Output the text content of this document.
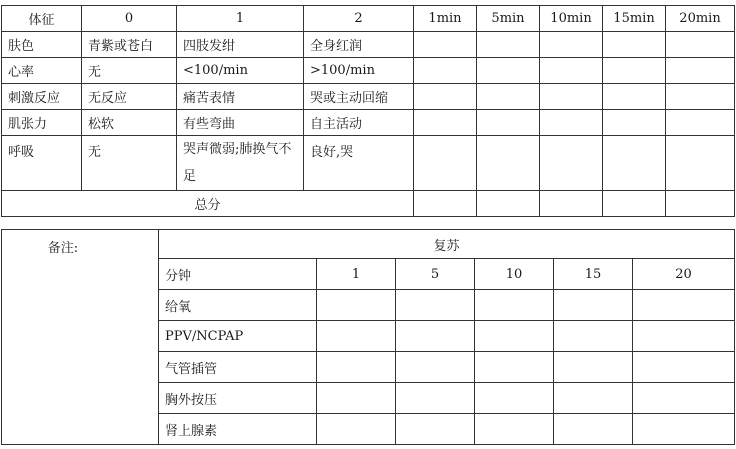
体征	0	1	2	1min	5min	10min	15min	20min
肤色	青紫或苍白	四肢发绀	全身红润					
心率	无	<100/min	>100/min					
刺激反应	无反应	痛苦表情	哭或主动回缩					
肌张力	松软	有些弯曲	自主活动					
呼吸	无	哭声微弱;肺换气不足	良好,哭					
总分								
备注:	复苏					
	分钟	1	5	10	15	20
	给氧					
	PPV/NCPAP					
	气管插管					
	胸外按压					
	肾上腺素					
